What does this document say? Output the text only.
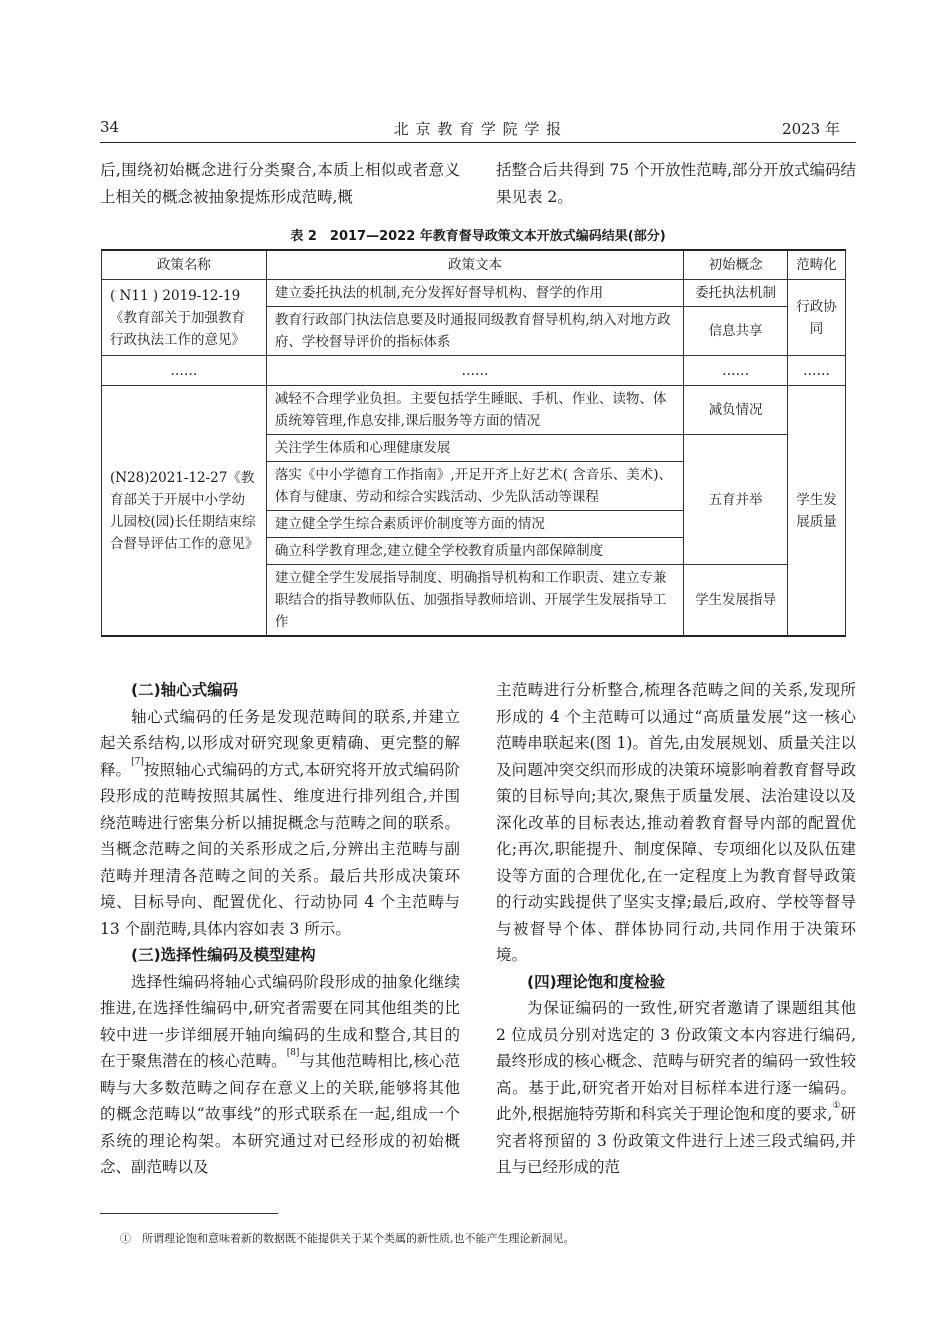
34	北 京 教 育 学 院 学 报	2023 年

后,围绕初始概念进行分类聚合,本质上相似或者意义上相关的概念被抽象提炼形成范畴,概

括整合后共得到 75 个开放性范畴,部分开放式编码结果见表 2。

表 2　2017—2022 年教育督导政策文本开放式编码结果(部分)
政策名称	政策文本	初始概念	范畴化
( N11 ) 2019-12-19《教育部关于加强教育行政执法工作的意见》	建立委托执法的机制,充分发挥好督导机构、督学的作用	委托执法机制	行政协同
	教育行政部门执法信息要及时通报同级教育督导机构,纳入对地方政府、学校督导评价的指标体系	信息共享	
……	……	……	……
(N28)2021-12-27《教育部关于开展中小学幼儿园校(园)长任期结束综合督导评估工作的意见》	减轻不合理学业负担。主要包括学生睡眠、手机、作业、读物、体质统筹管理,作息安排,课后服务等方面的情况	减负情况	学生发展质量
	关注学生体质和心理健康发展	五育并举	
	落实《中小学德育工作指南》,开足开齐上好艺术( 含音乐、美术)、体育与健康、劳动和综合实践活动、少先队活动等课程		
	建立健全学生综合素质评价制度等方面的情况		
	确立科学教育理念,建立健全学校教育质量内部保障制度		
	建立健全学生发展指导制度、明确指导机构和工作职责、建立专兼职结合的指导教师队伍、加强指导教师培训、开展学生发展指导工作	学生发展指导	
(二)轴心式编码

轴心式编码的任务是发现范畴间的联系,并建立起关系结构,以形成对研究现象更精确、更完整的解释。[7]按照轴心式编码的方式,本研究将开放式编码阶段形成的范畴按照其属性、维度进行排列组合,并围绕范畴进行密集分析以捕捉概念与范畴之间的联系。当概念范畴之间的关系形成之后,分辨出主范畴与副范畴并理清各范畴之间的关系。最后共形成决策环境、目标导向、配置优化、行动协同 4 个主范畴与 13 个副范畴,具体内容如表 3 所示。

(三)选择性编码及模型建构

选择性编码将轴心式编码阶段形成的抽象化继续推进,在选择性编码中,研究者需要在同其他组类的比较中进一步详细展开轴向编码的生成和整合,其目的在于聚焦潜在的核心范畴。[8]与其他范畴相比,核心范畴与大多数范畴之间存在意义上的关联,能够将其他的概念范畴以“故事线”的形式联系在一起,组成一个系统的理论构架。本研究通过对已经形成的初始概念、副范畴以及

主范畴进行分析整合,梳理各范畴之间的关系,发现所形成的 4 个主范畴可以通过“高质量发展”这一核心范畴串联起来(图 1)。首先,由发展规划、质量关注以及问题冲突交织而形成的决策环境影响着教育督导政策的目标导向;其次,聚焦于质量发展、法治建设以及深化改革的目标表达,推动着教育督导内部的配置优化;再次,职能提升、制度保障、专项细化以及队伍建设等方面的合理优化,在一定程度上为教育督导政策的行动实践提供了坚实支撑;最后,政府、学校等督导与被督导个体、群体协同行动,共同作用于决策环境。

(四)理论饱和度检验

为保证编码的一致性,研究者邀请了课题组其他 2 位成员分别对选定的 3 份政策文本内容进行编码,最终形成的核心概念、范畴与研究者的编码一致性较高。基于此,研究者开始对目标样本进行逐一编码。此外,根据施特劳斯和科宾关于理论饱和度的要求,①研究者将预留的 3 份政策文件进行上述三段式编码,并且与已经形成的范

①　所谓理论饱和意味着新的数据既不能提供关于某个类属的新性质,也不能产生理论新洞见。
